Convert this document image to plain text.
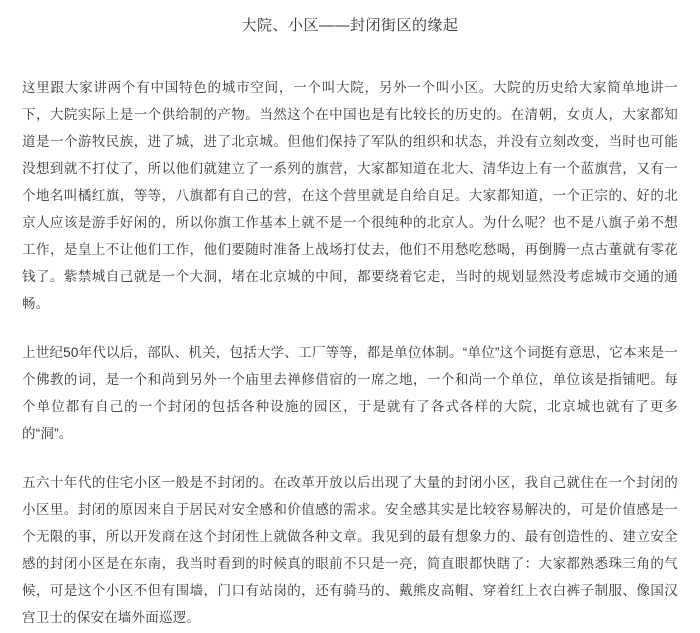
大院、小区——封闭街区的缘起

这里跟大家讲两个有中国特色的城市空间，一个叫大院，另外一个叫小区。大院的历史给大家简单地讲一下，大院实际上是一个供给制的产物。当然这个在中国也是有比较长的历史的。在清朝，女贞人，大家都知道是一个游牧民族，进了城，进了北京城。但他们保持了军队的组织和状态，并没有立刻改变，当时也可能没想到就不打仗了，所以他们就建立了一系列的旗营，大家都知道在北大、清华边上有一个蓝旗营，又有一个地名叫橘红旗，等等，八旗都有自己的营，在这个营里就是自给自足。大家都知道，一个正宗的、好的北京人应该是游手好闲的，所以你旗工作基本上就不是一个很纯种的北京人。为什么呢？也不是八旗子弟不想工作，是皇上不让他们工作，他们要随时准备上战场打仗去，他们不用愁吃愁喝，再倒腾一点古董就有零花钱了。紫禁城自己就是一个大洞，堵在北京城的中间，都要绕着它走，当时的规划显然没考虑城市交通的通畅。

上世纪50年代以后，部队、机关，包括大学、工厂等等，都是单位体制。“单位”这个词挺有意思，它本来是一个佛教的词，是一个和尚到另外一个庙里去禅修借宿的一席之地，一个和尚一个单位，单位该是指铺吧。每个单位都有自己的一个封闭的包括各种设施的园区，于是就有了各式各样的大院，北京城也就有了更多的“洞”。

五六十年代的住宅小区一般是不封闭的。在改革开放以后出现了大量的封闭小区，我自己就住在一个封闭的小区里。封闭的原因来自于居民对安全感和价值感的需求。安全感其实是比较容易解决的，可是价值感是一个无限的事，所以开发商在这个封闭性上就做各种文章。我见到的最有想象力的、最有创造性的、建立安全感的封闭小区是在东南，我当时看到的时候真的眼前不只是一亮，简直眼都快瞎了：大家都熟悉珠三角的气候，可是这个小区不但有围墙，门口有站岗的，还有骑马的、戴熊皮高帽、穿着红上衣白裤子制服、像国汉宫卫士的保安在墙外面巡逻。
